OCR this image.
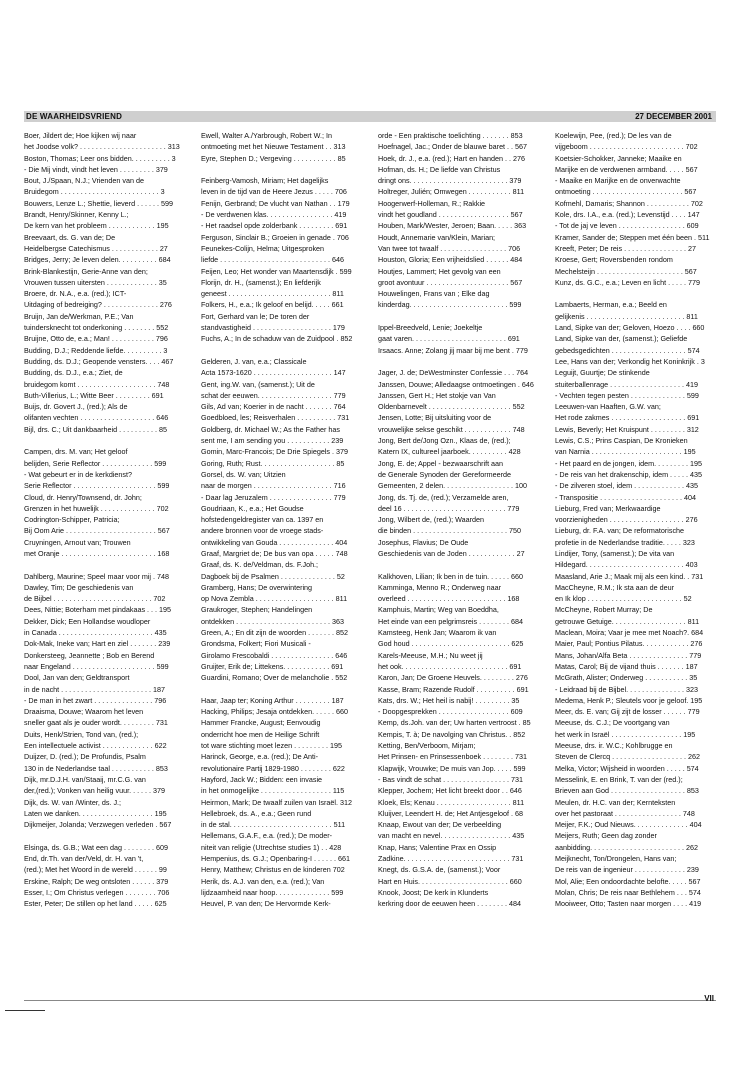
DE WAARHEIDSVRIEND	27 DECEMBER 2001
Boer, Jildert de; Hoe kijken wij naar
het Joodse volk? . . . . . . . . . . . . . . . . . . . . . . 313
Boston, Thomas; Leer ons bidden. . . . . . . . . . 3
- Die Mij vindt, vindt het leven . . . . . . . . . 379
Bout, J./Spaan, N.J.; Vrienden van de
Bruidegom . . . . . . . . . . . . . . . . . . . . . . . . . 3
Bouwers, Lenze L.; Shettie, lieverd . . . . . . 599
Brandt, Henry/Skinner, Kenny L.;
De kern van het probleem . . . . . . . . . . . . 195
Breevaart, ds. G. van de; De
Heidelbergse Catechismus . . . . . . . . . . . . 27
Bridges, Jerry; Je leven delen. . . . . . . . . . 684
Brink-Blankestijn, Gerie-Anne van den;
Vrouwen tussen uitersten . . . . . . . . . . . . . 35
Broere, dr. N.A., e.a. (red.); ICT-
Uitdaging of bedreiging? . . . . . . . . . . . . . . 276
Bruijn, Jan de/Werkman, P.E.; Van
tuindersknecht tot onderkoning . . . . . . . . 552
Bruijne, Otto de, e.a.; Man! . . . . . . . . . . . 796
Budding, D.J.; Reddende liefde. . . . . . . . . . 3
Budding, ds. D.J.; Geopende vensters. . . . 467
Budding, ds. D.J., e.a.; Ziet, de
bruidegom komt . . . . . . . . . . . . . . . . . . . . 748
Buth-Villerius, L.; Witte Beer . . . . . . . . . 691
Buijs, dr. Govert J., (red.); Als de
olifanten vechten . . . . . . . . . . . . . . . . . . . 646
Bijl, drs. C.; Uit dankbaarheid . . . . . . . . . . 85
Campen, drs. M. van; Het geloof
belijden, Serie Reflector . . . . . . . . . . . . . 599
- Wat gebeurt er in de kerkdienst?
Serie Reflector . . . . . . . . . . . . . . . . . . . . . 599
Cloud, dr. Henry/Townsend, dr. John;
Grenzen in het huwelijk . . . . . . . . . . . . . . 702
Codrington-Schipper, Patricia;
Bij Oom Arie . . . . . . . . . . . . . . . . . . . . . . . 567
Cruyningen, Arnout van; Trouwen
met Oranje . . . . . . . . . . . . . . . . . . . . . . . . 168
Dahlberg, Maurine; Speel maar voor mij . 748
Dawley, Tim; De geschiedenis van
de Bijbel . . . . . . . . . . . . . . . . . . . . . . . . . 702
Dees, Nittie; Boterham met pindakaas . . . 195
Dekker, Dick; Een Hollandse woudloper
in Canada . . . . . . . . . . . . . . . . . . . . . . . . 435
Dok-Mak, Ineke van; Hart en ziel . . . . . . . 239
Donkersteeg, Jeannette ; Bob en Berend
naar Engeland . . . . . . . . . . . . . . . . . . . . . 599
Dool, Jan van den; Geldtransport
in de nacht . . . . . . . . . . . . . . . . . . . . . . . 187
- De man in het zwart . . . . . . . . . . . . . . . 796
Draaisma, Douwe; Waarom het leven
sneller gaat als je ouder wordt. . . . . . . . . 731
Duits, Henk/Strien, Tond van, (red.);
Een intellectuele activist . . . . . . . . . . . . . 622
Duijzer, D. (red.); De Profundis, Psalm
130 in de Nederlandse taal . . . . . . . . . . . 853
Dijk, mr.D.J.H. van/Staaij, mr.C.G. van
der,(red.); Vonken van heilig vuur. . . . . . 379
Dijk, ds. W. van /Winter, ds. J.;
Laten we danken. . . . . . . . . . . . . . . . . . . 195
Dijkmeijer, Jolanda; Verzwegen verleden . 567
Elsinga, ds. G.B.; Wat een dag . . . . . . . . 609
End, dr.Th. van der/Veld, dr. H. van 't,
(red.); Met het Woord in de wereld . . . . . . 99
Erskine, Ralph; De weg ontsloten . . . . . . 379
Esser, I.; Om Christus verlegen . . . . . . . . 706
Ester, Peter; De stillen op het land . . . . . 625
Ewell, Walter A./Yarbrough, Robert W.; In
ontmoeting met het Nieuwe Testament . . 313
Eyre, Stephen D.; Vergeving . . . . . . . . . . . 85
Feinberg-Vamosh, Miriam; Het dagelijks
leven in de tijd van de Heere Jezus . . . . . 706
Fenijn, Gerbrand; De vlucht van Nathan . . 179
- De verdwenen klas. . . . . . . . . . . . . . . . . 419
- Het raadsel opde zolderbank . . . . . . . . . 691
Ferguson, Sinclair B.; Groeien in genade . 706
Feunekes-Colijn, Helma; Uitgesproken
liefde . . . . . . . . . . . . . . . . . . . . . . . . . . . . 646
Feijen, Leo; Het wonder van Maartensdijk . 599
Florijn, dr. H., (samenst.); En liefderijk
geneest . . . . . . . . . . . . . . . . . . . . . . . . . . 811
Folkers, H., e.a.; Ik geloof en belijd. . . . . 661
Fort, Gerhard van le; De toren der
standvastigheid . . . . . . . . . . . . . . . . . . . . 179
Fuchs, A.; In de schaduw van de Zuidpool . 852
Gelderen, J. van, e.a.; Classicale
Acta 1573-1620 . . . . . . . . . . . . . . . . . . . . 147
Gent, ing.W. van, (samenst.); Uit de
schat der eeuwen. . . . . . . . . . . . . . . . . . . 779
Gils, Ad van; Koerier in de nacht . . . . . . . 764
Goedbloed, les; Reisverhalen . . . . . . . . . . 731
Goldberg, dr. Michael W.; As the Father has
sent me, I am sending you . . . . . . . . . . . 239
Gomin, Marc-Francois; De Drie Spiegels . 379
Goring, Ruth; Rust. . . . . . . . . . . . . . . . . . . 85
Gorsel, ds. W. van; Uitzien
naar de morgen . . . . . . . . . . . . . . . . . . . . 716
- Daar lag Jeruzalem . . . . . . . . . . . . . . . . 779
Goudriaan, K., e.a.; Het Goudse
hofstedengeldregister van ca. 1397 en
andere bronnen voor de vroege stads-
ontwikkeling van Gouda . . . . . . . . . . . . . . 404
Graaf, Margriet de; De bus van opa . . . . . 748
Graaf, ds. K. de/Veldman, ds. F.Joh.;
Dagboek bij de Psalmen . . . . . . . . . . . . . . 52
Gramberg, Hans; De overwintering
op Nova Zembla . . . . . . . . . . . . . . . . . . . . 811
Graukroger, Stephen; Handelingen
ontdekken . . . . . . . . . . . . . . . . . . . . . . . . 363
Green, A.; En dit zijn de woorden . . . . . . . 852
Grondsma, Folkert; Fiori Musicali -
Girolamo Frescobaldi . . . . . . . . . . . . . . . . 646
Gruijter, Erik de; Littekens. . . . . . . . . . . . 691
Guardini, Romano; Over de melancholie . 552
Haar, Jaap ter; Koning Arthur . . . . . . . . . 187
Hacking, Philips; Jesaja ontdekken. . . . . . 660
Hammer Francke, August; Eenvoudig
onderricht hoe men de Heilige Schrift
tot ware stichting moet lezen . . . . . . . . . 195
Harinck, George, e.a. (red.); De Anti-
revolutionaire Partij 1829-1980 . . . . . . . . 622
Hayford, Jack W.; Bidden: een invasie
in het onmogelijke . . . . . . . . . . . . . . . . . . 115
Heirmon, Mark; De twaalf zuilen van Israël. 312
Hellebroek, ds. A., e.a.; Geen rund
in de stal. . . . . . . . . . . . . . . . . . . . . . . . . . 511
Hellemans, G.A.F., e.a. (red.); De moder-
niteit van religie (Utrechtse studies 1) . . 428
Hempenius, ds. G.J.; Openbaring-I . . . . . . 661
Henry, Matthew; Christus en de kinderen 702
Herik, ds. A.J. van den, e.a. (red.); Van
lijdzaamheid naar hoop. . . . . . . . . . . . . . 599
Heuvel, P. van den; De Hervormde Kerk-
orde - Een praktische toelichting . . . . . . . 853
Hoefnagel, Jac.; Onder de blauwe baret . . 567
Hoek, dr. J., e.a. (red.); Hart en handen . . 276
Hofman, ds. H.; De liefde van Christus
dringt ons. . . . . . . . . . . . . . . . . . . . . . . . . 379
Holtreger, Julién; Omwegen . . . . . . . . . . . 811
Hoogerwerf-Holleman, R.; Rakkie
vindt het goudland . . . . . . . . . . . . . . . . . . 567
Houben, Mark/Wester, Jeroen; Baan. . . . . 363
Houdt, Annemarie van/Klein, Marian;
Van twee tot twaalf . . . . . . . . . . . . . . . . . 706
Houston, Gloria; Een vrijheidslied . . . . . . 484
Houtjes, Lammert; Het gevolg van een
groot avontuur . . . . . . . . . . . . . . . . . . . . . 567
Houwelingen, Frans van ; Elke dag
kinderdag. . . . . . . . . . . . . . . . . . . . . . . . . 599
Ippel-Breedveld, Lenie; Joekeltje
gaat varen. . . . . . . . . . . . . . . . . . . . . . . . 691
Irsaacs. Anne; Zolang jij maar bij me bent . 779
Jager, J. de; DeWestminster Confessie . . . 764
Janssen, Douwe; Alledaagse ontmoetingen . 646
Janssen, Gert H.; Het stokje van Van
Oldenbarnevelt . . . . . . . . . . . . . . . . . . . . . 552
Jensen, Lotte; Bij uitsluiting voor de
vrouwelijke sekse geschikt . . . . . . . . . . . . 748
Jong, Bert de/Jong Ozn., Klaas de, (red.);
Katern IX, cultureel jaarboek. . . . . . . . . . 428
Jong, E. de; Appel - bezwaarschrift aan
de Generale Synoden der Gereformeerde
Gemeenten, 2 delen. . . . . . . . . . . . . . . . . . 100
Jong, ds. Tj. de, (red.); Verzamelde aren,
deel 16 . . . . . . . . . . . . . . . . . . . . . . . . . . 779
Jong, Wilbert de, (red.); Waarden
die binden . . . . . . . . . . . . . . . . . . . . . . . . 750
Josephus, Flavius; De Oude
Geschiedenis van de Joden . . . . . . . . . . . . 27
Kalkhoven, Lilian; Ik ben in de tuin. . . . . . 660
Kamminga, Menno R.; Onderweg naar
overleed . . . . . . . . . . . . . . . . . . . . . . . . . 168
Kamphuis, Martin; Weg van Boeddha,
Het einde van een pelgrimsreis . . . . . . . . 684
Kamsteeg, Henk Jan; Waarom ik van
God houd . . . . . . . . . . . . . . . . . . . . . . . . . 625
Karels-Meeuse, M.H.; Nu weet jij
het ook. . . . . . . . . . . . . . . . . . . . . . . . . . . 691
Karon, Jan; De Groene Heuvels. . . . . . . . . 276
Kasse, Bram; Razende Rudolf . . . . . . . . . . 691
Kats, drs. W.; Het heil is nabij! . . . . . . . . . 35
- Doopgesprekken . . . . . . . . . . . . . . . . . . 609
Kemp, ds.Joh. van der; Uw harten vertroost . 85
Kempis, T. à; De navolging van Christus. . 852
Ketting, Ben/Verboom, Mirjam;
Het Prinsen- en Prinsessenboek . . . . . . . . 731
Klapwijk, Vrouwke; De muis van Jop. . . . . 599
- Bas vindt de schat . . . . . . . . . . . . . . . . . 731
Klepper, Jochem; Het licht breekt door . . 646
Kloek, Els; Kenau . . . . . . . . . . . . . . . . . . . 811
Kluijver, Leendert H. de; Het Antjesgeloof . 68
Knaap, Ewout van der; De verbeelding
van macht en nevel. . . . . . . . . . . . . . . . . . 435
Knap, Hans; Valentine Prax en Ossip
Zadkine. . . . . . . . . . . . . . . . . . . . . . . . . . . 731
Knegt, ds. G.S.A. de, (samenst.); Voor
Hart en Huis. . . . . . . . . . . . . . . . . . . . . . . 660
Knook, Joost; De kerk in Klunderts
kerkring door de eeuwen heen . . . . . . . . 484
Koelewijn, Pee, (red.); De les van de
vijgeboom . . . . . . . . . . . . . . . . . . . . . . . . 702
Koetsier-Schokker, Janneke; Maaike en
Marijke en de verdwenen armband. . . . . 567
- Maaike en Marijke en de onverwachte
ontmoeting . . . . . . . . . . . . . . . . . . . . . . . 567
Kofmehl, Damaris; Shannon . . . . . . . . . . . 702
Kole, drs. I.A., e.a. (red.); Levenstijd . . . . 147
- Tot de jaj ve leven . . . . . . . . . . . . . . . . . 609
Kramer, Sander de; Steppen met één been . 511
Kreeft, Peter; De reis . . . . . . . . . . . . . . . . 27
Kroese, Gert; Roversbenden rondom
Mechelsteijn . . . . . . . . . . . . . . . . . . . . . . 567
Kunz, ds. G.C., e.a.; Leven en licht . . . . . 779
Lambaerts, Herman, e.a.; Beeld en
gelijkenis . . . . . . . . . . . . . . . . . . . . . . . . . 811
Land, Sipke van der; Geloven, Hoezo . . . . 660
Land, Sipke van der, (samenst.); Geliefde
gebedsgedichten . . . . . . . . . . . . . . . . . . . 574
Lee, Hans van der; Verkondig het Koninkrijk . 3
Leguijt, Guurtje; De stinkende
stuiterballenrage . . . . . . . . . . . . . . . . . . . 419
- Vechten tegen pesten . . . . . . . . . . . . . . 599
Leeuwen-van Haaften, G.W. van;
Het rode zakmes . . . . . . . . . . . . . . . . . . . 691
Lewis, Beverly; Het Kruispunt . . . . . . . . . 312
Lewis, C.S.; Prins Caspian, De Kronieken
van Narnia . . . . . . . . . . . . . . . . . . . . . . . 195
- Het paard en de jongen, idem. . . . . . . . . 195
- De reis van het drakenschip, idem . . . . . 435
- De zilveren stoel, idem . . . . . . . . . . . . . 435
- Transpositie . . . . . . . . . . . . . . . . . . . . . 404
Lieburg, Fred van; Merkwaardige
voorzienigheden . . . . . . . . . . . . . . . . . . . 276
Lieburg, dr. F.A. van; De reformatorische
profetie in de Nederlandse traditie. . . . . 323
Lindijer, Tony, (samenst.); De vita van
Hildegard. . . . . . . . . . . . . . . . . . . . . . . . . 403
Maasland, Arie J.; Maak mij als een kind. . 731
MacCheyne, R.M.; Ik sta aan de deur
en Ik klop . . . . . . . . . . . . . . . . . . . . . . . . 52
McCheyne, Robert Murray; De
getrouwe Getuige. . . . . . . . . . . . . . . . . . . 811
Maclean, Moira; Vaar je mee met Noach?. 684
Maier, Paul; Pontius Pilatus. . . . . . . . . . . . 276
Mans, Johan/Alfa Beta . . . . . . . . . . . . . . . 779
Matas, Carol; Bij de vijand thuis . . . . . . . 187
McGrath, Alister; Onderweg . . . . . . . . . . . 35
- Leidraad bij de Bijbel. . . . . . . . . . . . . . . 323
Medema, Henk P.; Sleutels voor je geloof. 195
Meer, ds. E. van; Gij zijt de losser . . . . . . 779
Meeuse, ds. C.J.; De voortgang van
het werk in Israël . . . . . . . . . . . . . . . . . . 195
Meeuse, drs. ir. W.C.; Kohlbrugge en
Steven de Clercq . . . . . . . . . . . . . . . . . . . 262
Melka, Victor; Wijsheid in woorden . . . . . 574
Messelink, E. en Brink, T. van der (red.);
Brieven aan God . . . . . . . . . . . . . . . . . . . 853
Meulen, dr. H.C. van der; Kernteksten
over het pastoraat . . . . . . . . . . . . . . . . . 748
Meijer, F.K.; Oud Nieuws. . . . . . . . . . . . . . 404
Meijers, Ruth; Geen dag zonder
aanbidding. . . . . . . . . . . . . . . . . . . . . . . . 262
Meijknecht, Ton/Drongelen, Hans van;
De reis van de ingenieur . . . . . . . . . . . . . 239
Mol, Alie; Een ondoordachte belofte. . . . . 567
Molan, Chris; De reis naar Bethlehem . . . 574
Mooiweer, Otto; Tasten naar morgen . . . . 419
VII
